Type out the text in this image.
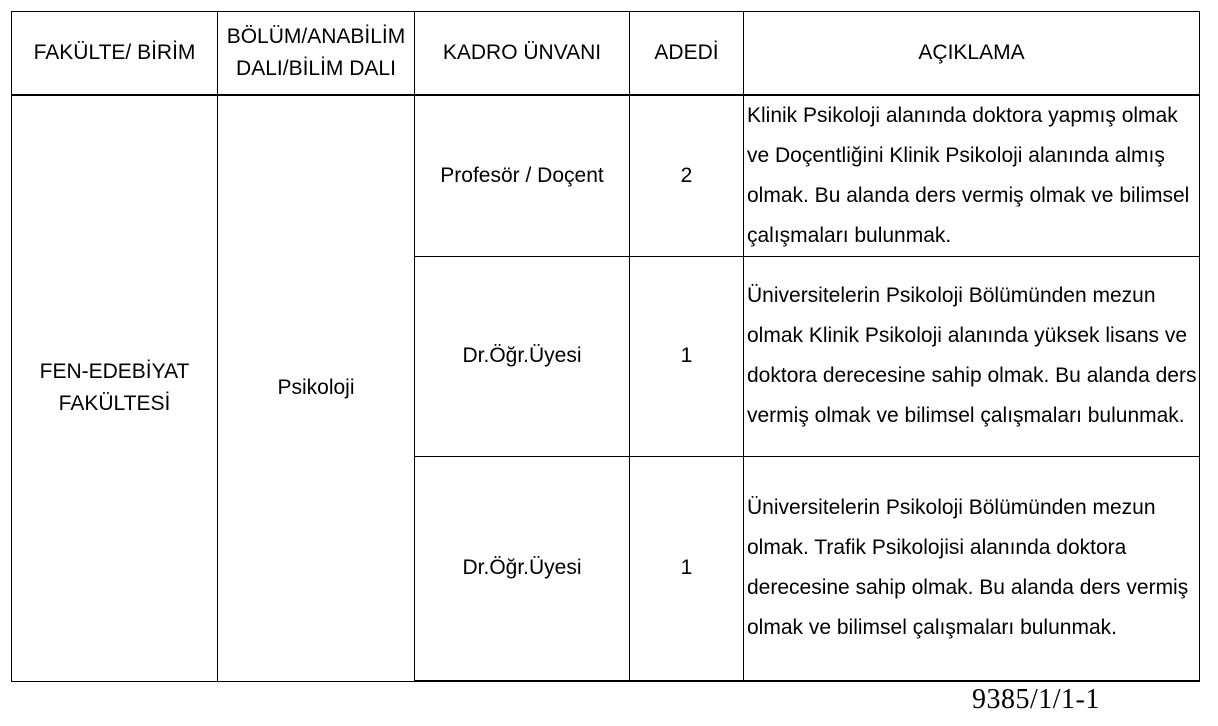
FAKÜLTE/ BİRİM	BÖLÜM/ANABİLİM DALI/BİLİM DALI	KADRO ÜNVANI	ADEDİ	AÇIKLAMA
FEN-EDEBİYAT FAKÜLTESİ	Psikoloji	Profesör / Doçent	2	Klinik Psikoloji alanında doktora yapmış olmak ve Doçentliğini Klinik Psikoloji alanında almış olmak. Bu alanda ders vermiş olmak ve bilimsel çalışmaları bulunmak.
		Dr.Öğr.Üyesi	1	Üniversitelerin Psikoloji Bölümünden mezun olmak Klinik Psikoloji alanında yüksek lisans ve doktora derecesine sahip olmak. Bu alanda ders vermiş olmak ve bilimsel çalışmaları bulunmak.
		Dr.Öğr.Üyesi	1	Üniversitelerin Psikoloji Bölümünden mezun olmak. Trafik Psikolojisi alanında doktora derecesine sahip olmak. Bu alanda ders vermiş olmak ve bilimsel çalışmaları bulunmak.
9385/1/1-1
